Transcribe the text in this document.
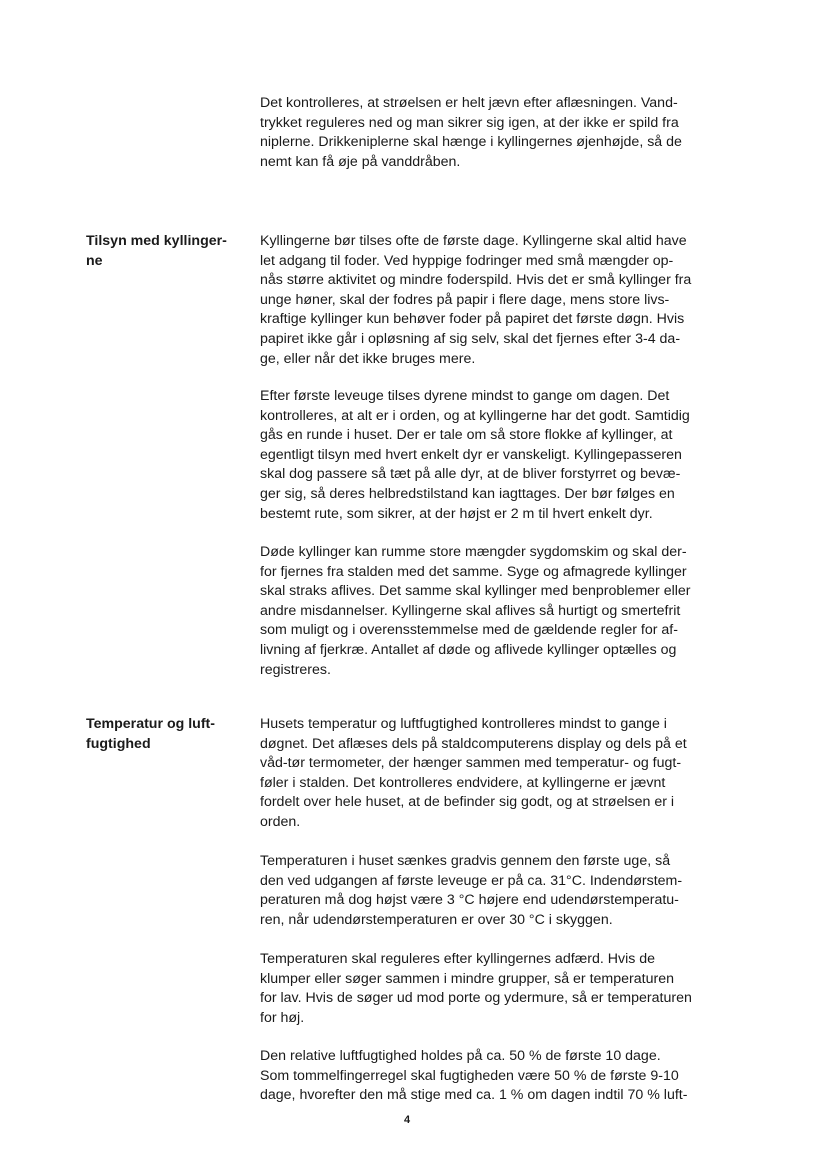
Det kontrolleres, at strøelsen er helt jævn efter aflæsningen. Vand-
trykket reguleres ned og man sikrer sig igen, at der ikke er spild fra
niplerne. Drikkeniplerne skal hænge i kyllingernes øjenhøjde, så de
nemt kan få øje på vanddråben.

Tilsyn med kyllinger-
ne

Kyllingerne bør tilses ofte de første dage. Kyllingerne skal altid have
let adgang til foder. Ved hyppige fodringer med små mængder op-
nås større aktivitet og mindre foderspild. Hvis det er små kyllinger fra
unge høner, skal der fodres på papir i flere dage, mens store livs-
kraftige kyllinger kun behøver foder på papiret det første døgn. Hvis
papiret ikke går i opløsning af sig selv, skal det fjernes efter 3-4 da-
ge, eller når det ikke bruges mere.

Efter første leveuge tilses dyrene mindst to gange om dagen. Det
kontrolleres, at alt er i orden, og at kyllingerne har det godt. Samtidig
gås en runde i huset. Der er tale om så store flokke af kyllinger, at
egentligt tilsyn med hvert enkelt dyr er vanskeligt. Kyllingepasseren
skal dog passere så tæt på alle dyr, at de bliver forstyrret og bevæ-
ger sig, så deres helbredstilstand kan iagttages. Der bør følges en
bestemt rute, som sikrer, at der højst er 2 m til hvert enkelt dyr.

Døde kyllinger kan rumme store mængder sygdomskim og skal der-
for fjernes fra stalden med det samme. Syge og afmagrede kyllinger
skal straks aflives. Det samme skal kyllinger med benproblemer eller
andre misdannelser. Kyllingerne skal aflives så hurtigt og smertefrit
som muligt og i overensstemmelse med de gældende regler for af-
livning af fjerkræ. Antallet af døde og aflivede kyllinger optælles og
registreres.

Temperatur og luft-
fugtighed

Husets temperatur og luftfugtighed kontrolleres mindst to gange i
døgnet. Det aflæses dels på staldcomputerens display og dels på et
våd-tør termometer, der hænger sammen med temperatur- og fugt-
føler i stalden. Det kontrolleres endvidere, at kyllingerne er jævnt
fordelt over hele huset, at de befinder sig godt, og at strøelsen er i
orden.

Temperaturen i huset sænkes gradvis gennem den første uge, så
den ved udgangen af første leveuge er på ca. 31°C. Indendørstem-
peraturen må dog højst være 3 °C højere end udendørstemperatu-
ren, når udendørstemperaturen er over 30 °C i skyggen.

Temperaturen skal reguleres efter kyllingernes adfærd. Hvis de
klumper eller søger sammen i mindre grupper, så er temperaturen
for lav. Hvis de søger ud mod porte og ydermure, så er temperaturen
for høj.

Den relative luftfugtighed holdes på ca. 50 % de første 10 dage.
Som tommelfingerregel skal fugtigheden være 50 % de første 9-10
dage, hvorefter den må stige med ca. 1 % om dagen indtil 70 % luft-

4
